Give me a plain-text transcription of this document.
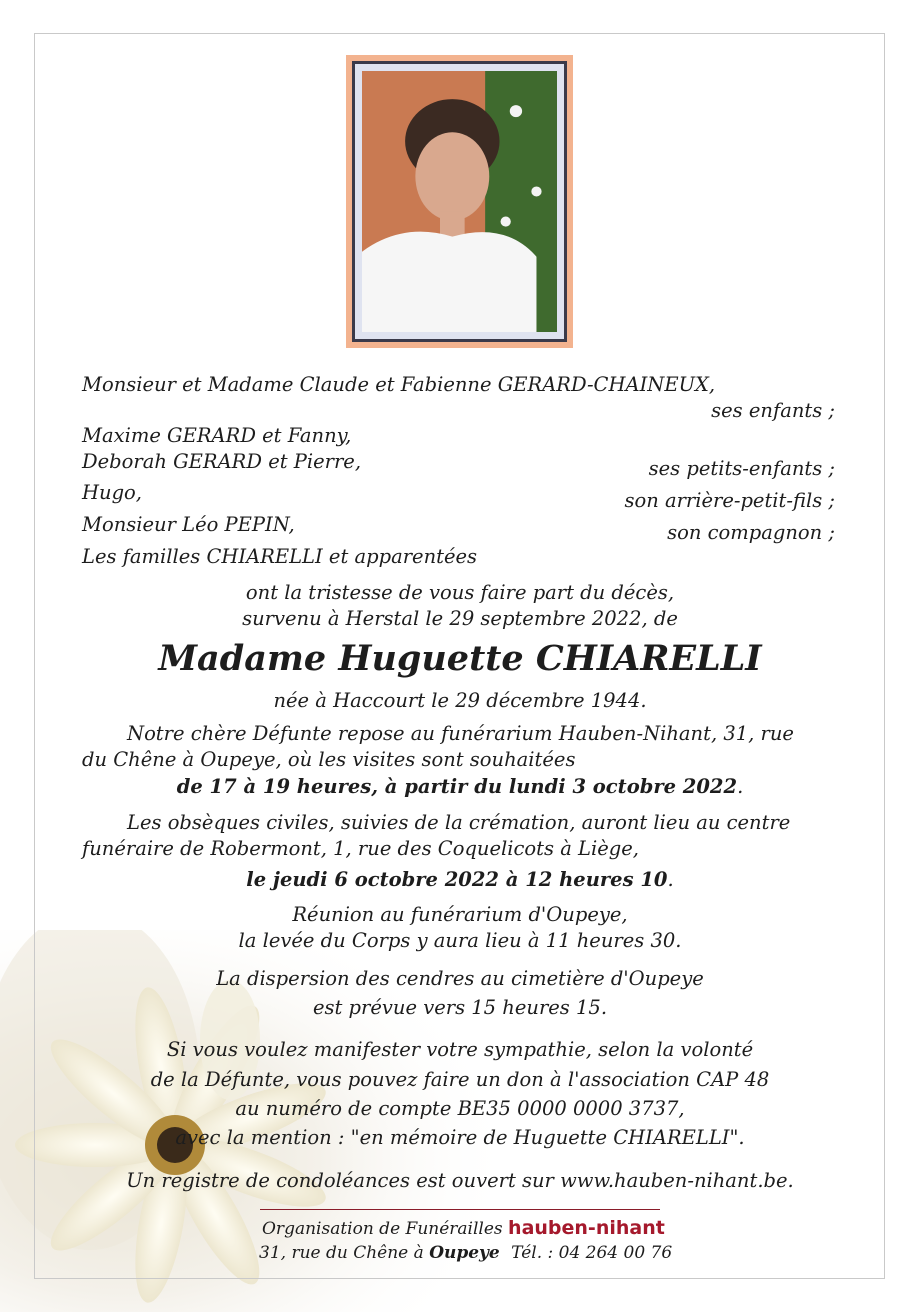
Monsieur et Madame Claude et Fabienne GERARD-CHAINEUX,
ses enfants ;
Maxime GERARD et Fanny,
Deborah GERARD et Pierre,	ses petits-enfants ;
Hugo,	son arrière-petit-fils ;
Monsieur Léo PEPIN,	son compagnon ;
Les familles CHIARELLI et apparentées
ont la tristesse de vous faire part du décès,
survenu à Herstal le 29 septembre 2022, de
Madame Huguette CHIARELLI
née à Haccourt le 29 décembre 1944.
Notre chère Défunte repose au funérarium Hauben-Nihant, 31, rue
du Chêne à Oupeye, où les visites sont souhaitées
de 17 à 19 heures, à partir du lundi 3 octobre 2022.
Les obsèques civiles, suivies de la crémation, auront lieu au centre
funéraire de Robermont, 1, rue des Coquelicots à Liège,
le jeudi 6 octobre 2022 à 12 heures 10.
Réunion au funérarium d'Oupeye,
la levée du Corps y aura lieu à 11 heures 30.
La dispersion des cendres au cimetière d'Oupeye
est prévue vers 15 heures 15.
Si vous voulez manifester votre sympathie, selon la volonté
de la Défunte, vous pouvez faire un don à l'association CAP 48
au numéro de compte BE35 0000 0000 3737,
avec la mention : "en mémoire de Huguette CHIARELLI".
Un registre de condoléances est ouvert sur www.hauben-nihant.be.
Organisation de Funérailles hauben-nihant
31, rue du Chêne à Oupeye Tél. : 04 264 00 76
